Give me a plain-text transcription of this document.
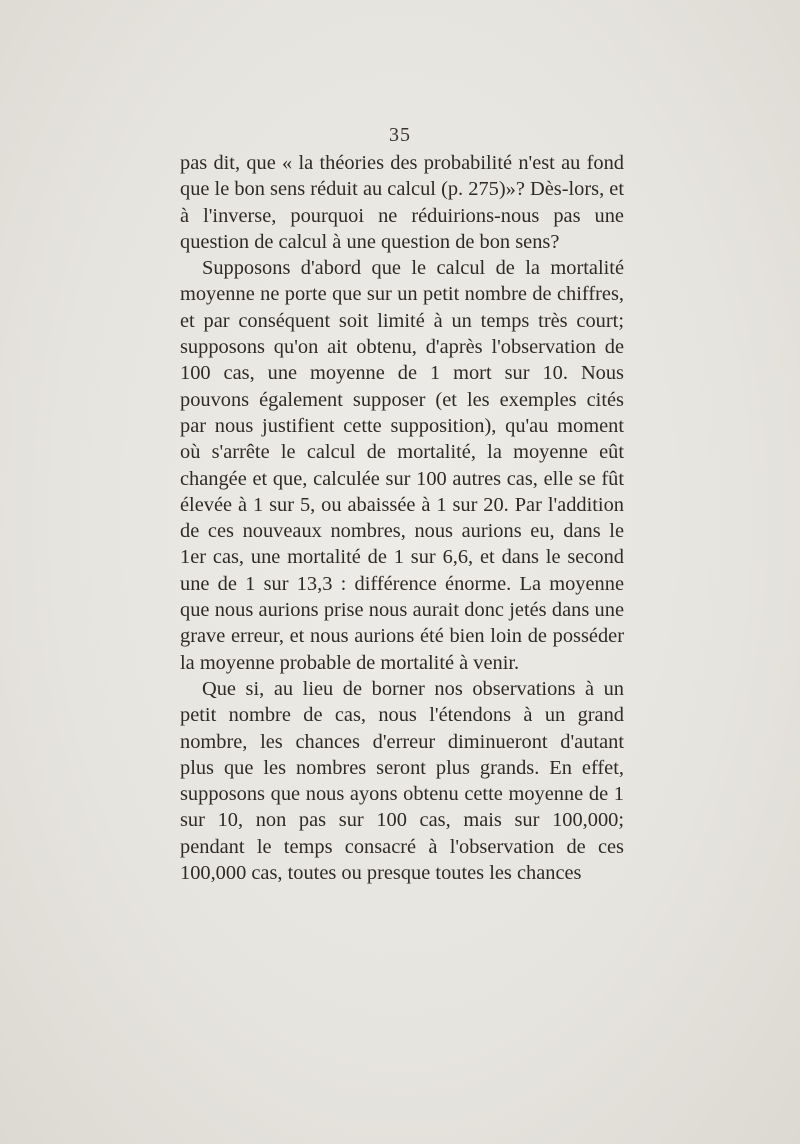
35

pas dit, que « la théories des probabilité n'est au fond que le bon sens réduit au calcul (p. 275)»? Dès-lors, et à l'inverse, pourquoi ne réduirions-nous pas une question de calcul à une question de bon sens?

Supposons d'abord que le calcul de la mortalité moyenne ne porte que sur un petit nombre de chiffres, et par conséquent soit limité à un temps très court; supposons qu'on ait obtenu, d'après l'observation de 100 cas, une moyenne de 1 mort sur 10. Nous pouvons également supposer (et les exemples cités par nous justifient cette supposition), qu'au moment où s'arrête le calcul de mortalité, la moyenne eût changée et que, calculée sur 100 autres cas, elle se fût élevée à 1 sur 5, ou abaissée à 1 sur 20. Par l'addition de ces nouveaux nombres, nous aurions eu, dans le 1er cas, une mortalité de 1 sur 6,6, et dans le second une de 1 sur 13,3 : différence énorme. La moyenne que nous aurions prise nous aurait donc jetés dans une grave erreur, et nous aurions été bien loin de posséder la moyenne probable de mortalité à venir.

Que si, au lieu de borner nos observations à un petit nombre de cas, nous l'étendons à un grand nombre, les chances d'erreur diminueront d'autant plus que les nombres seront plus grands. En effet, supposons que nous ayons obtenu cette moyenne de 1 sur 10, non pas sur 100 cas, mais sur 100,000; pendant le temps consacré à l'observation de ces 100,000 cas, toutes ou presque toutes les chances
